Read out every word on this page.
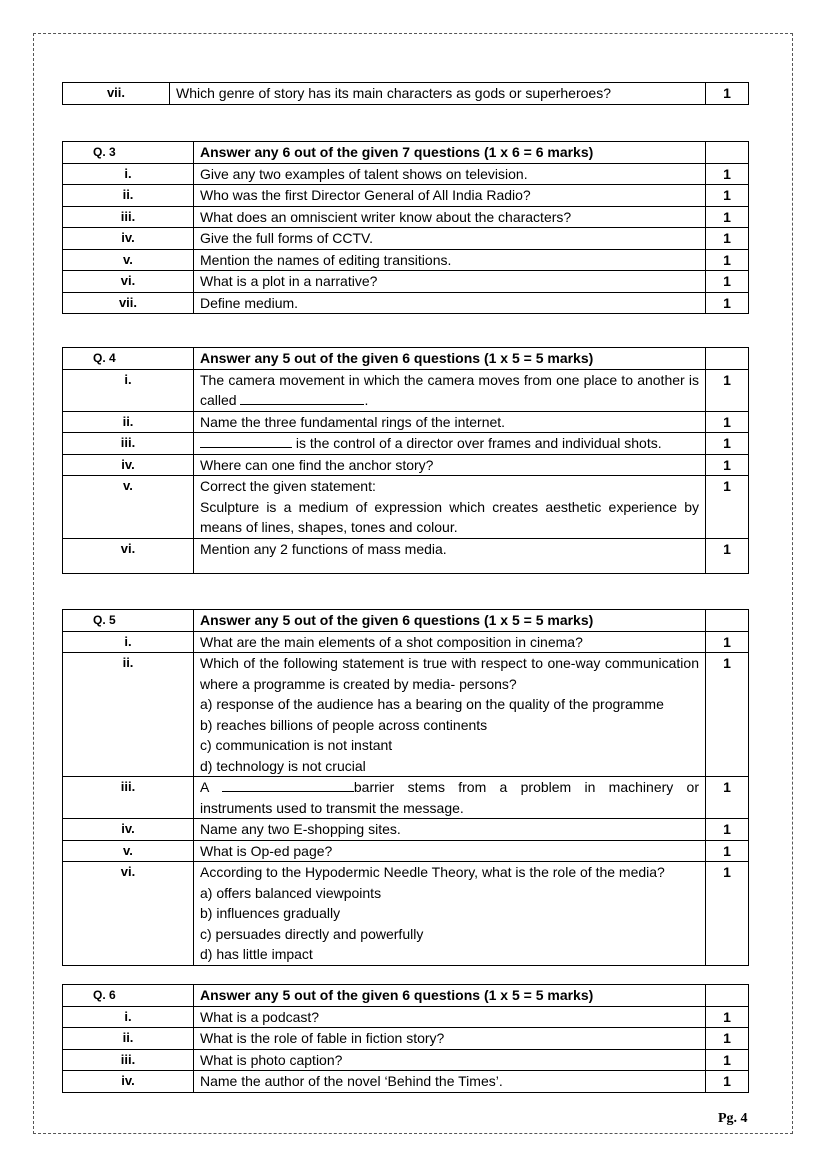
vii.	Which genre of story has its main characters as gods or superheroes?	1
Q. 3	Answer any 6 out of the given 7 questions (1 x 6 = 6 marks)	
i.	Give any two examples of talent shows on television.	1
ii.	Who was the first Director General of All India Radio?	1
iii.	What does an omniscient writer know about the characters?	1
iv.	Give the full forms of CCTV.	1
v.	Mention the names of editing transitions.	1
vi.	What is a plot in a narrative?	1
vii.	Define medium.	1
Q. 4	Answer any 5 out of the given 6 questions (1 x 5 = 5 marks)	
i.	The camera movement in which the camera moves from one place to another is called .	1
ii.	Name the three fundamental rings of the internet.	1
iii.	is the control of a director over frames and individual shots.	1
iv.	Where can one find the anchor story?	1
v.	Correct the given statement:
Sculpture is a medium of expression which creates aesthetic experience by means of lines, shapes, tones and colour.	1
vi.	Mention any 2 functions of mass media.	1
Q. 5	Answer any 5 out of the given 6 questions (1 x 5 = 5 marks)	
i.	What are the main elements of a shot composition in cinema?	1
ii.	Which of the following statement is true with respect to one-way communication where a programme is created by media- persons?
a) response of the audience has a bearing on the quality of the programme
b) reaches billions of people across continents
c) communication is not instant
d) technology is not crucial	1
iii.	A barrier stems from a problem in machinery or instruments used to transmit the message.	1
iv.	Name any two E-shopping sites.	1
v.	What is Op-ed page?	1
vi.	According to the Hypodermic Needle Theory, what is the role of the media?
a) offers balanced viewpoints
b) influences gradually
c) persuades directly and powerfully
d) has little impact	1
Q. 6	Answer any 5 out of the given 6 questions (1 x 5 = 5 marks)	
i.	What is a podcast?	1
ii.	What is the role of fable in fiction story?	1
iii.	What is photo caption?	1
iv.	Name the author of the novel ‘Behind the Times’.	1
Pg. 4
